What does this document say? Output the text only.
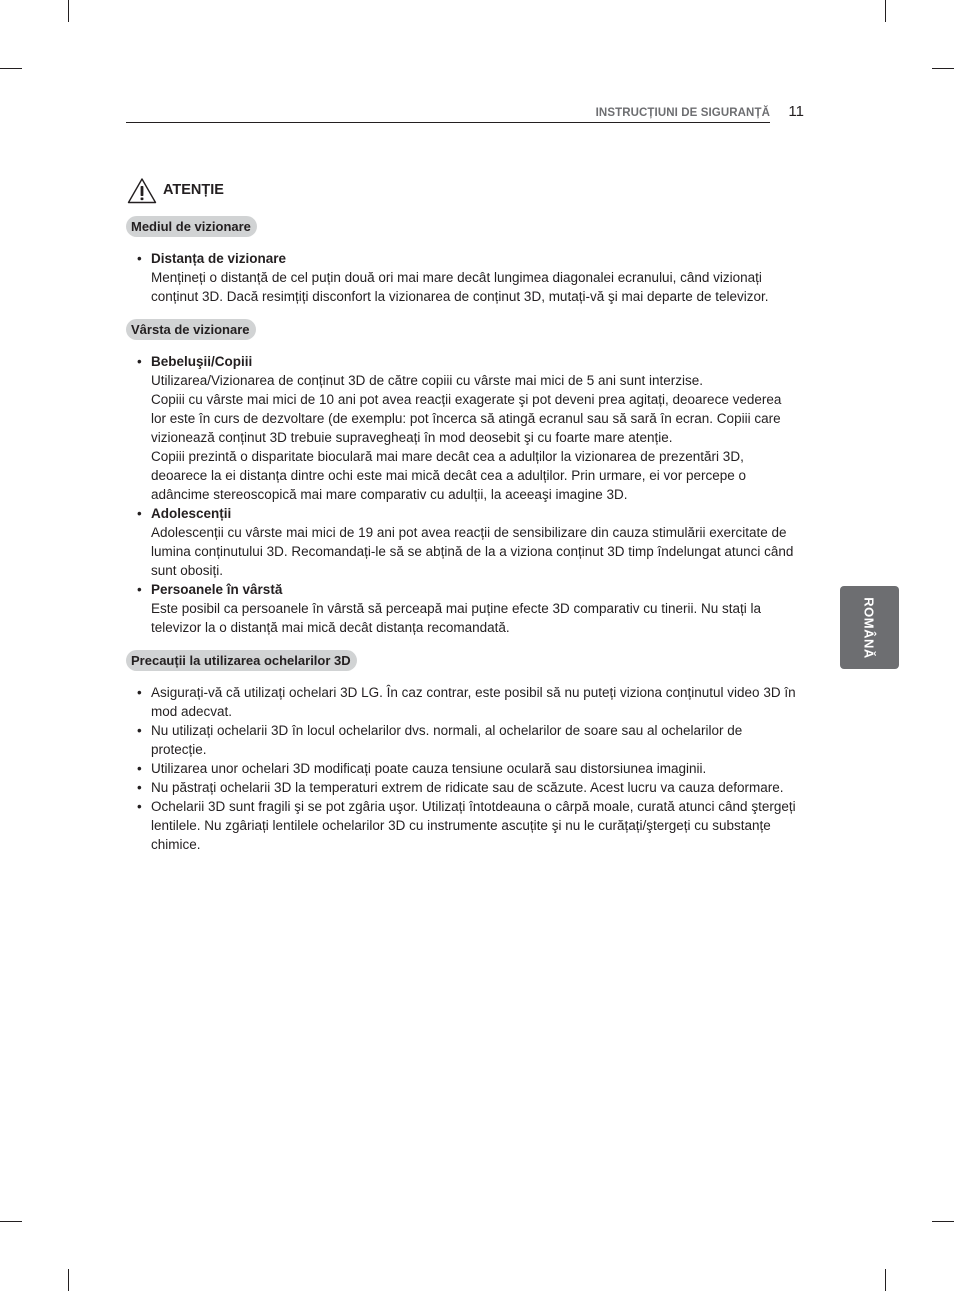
INSTRUCȚIUNI DE SIGURANȚĂ 11
ROMÂNĂ
ATENȚIE
Mediul de vizionare
• Distanța de vizionare

Mențineți o distanță de cel puțin două ori mai mare decât lungimea diagonalei ecranului, când vizionați conținut 3D. Dacă resimțiți disconfort la vizionarea de conținut 3D, mutați-vă şi mai departe de televizor.

Vârsta de vizionare
• Bebeluşii/Copiii

Utilizarea/Vizionarea de conținut 3D de către copiii cu vârste mai mici de 5 ani sunt interzise.

Copiii cu vârste mai mici de 10 ani pot avea reacții exagerate şi pot deveni prea agitați, deoarece vederea lor este în curs de dezvoltare (de exemplu: pot încerca să atingă ecranul sau să sară în ecran. Copiii care vizionează conținut 3D trebuie supravegheați în mod deosebit şi cu foarte mare atenție.

Copiii prezintă o disparitate bioculară mai mare decât cea a adulților la vizionarea de prezentări 3D, deoarece la ei distanța dintre ochi este mai mică decât cea a adulților. Prin urmare, ei vor percepe o adâncime stereoscopică mai mare comparativ cu adulții, la aceeaşi imagine 3D.

• Adolescenții

Adolescenții cu vârste mai mici de 19 ani pot avea reacții de sensibilizare din cauza stimulării exercitate de lumina conținutului 3D. Recomandați-le să se abțină de la a viziona conținut 3D timp îndelungat atunci când sunt obosiți.

• Persoanele în vârstă

Este posibil ca persoanele în vârstă să perceapă mai puține efecte 3D comparativ cu tinerii. Nu stați la televizor la o distanță mai mică decât distanța recomandată.

Precauții la utilizarea ochelarilor 3D

• Asigurați-vă că utilizați ochelari 3D LG. În caz contrar, este posibil să nu puteți viziona conținutul video 3D în mod adecvat.

• Nu utilizați ochelarii 3D în locul ochelarilor dvs. normali, al ochelarilor de soare sau al ochelarilor de protecție.

• Utilizarea unor ochelari 3D modificați poate cauza tensiune oculară sau distorsiunea imaginii.

• Nu păstrați ochelarii 3D la temperaturi extrem de ridicate sau de scăzute. Acest lucru va cauza deformare.

• Ochelarii 3D sunt fragili şi se pot zgâria uşor. Utilizați întotdeauna o cârpă moale, curată atunci când ştergeți lentilele. Nu zgâriați lentilele ochelarilor 3D cu instrumente ascuțite şi nu le curățați/ştergeți cu substanțe chimice.
